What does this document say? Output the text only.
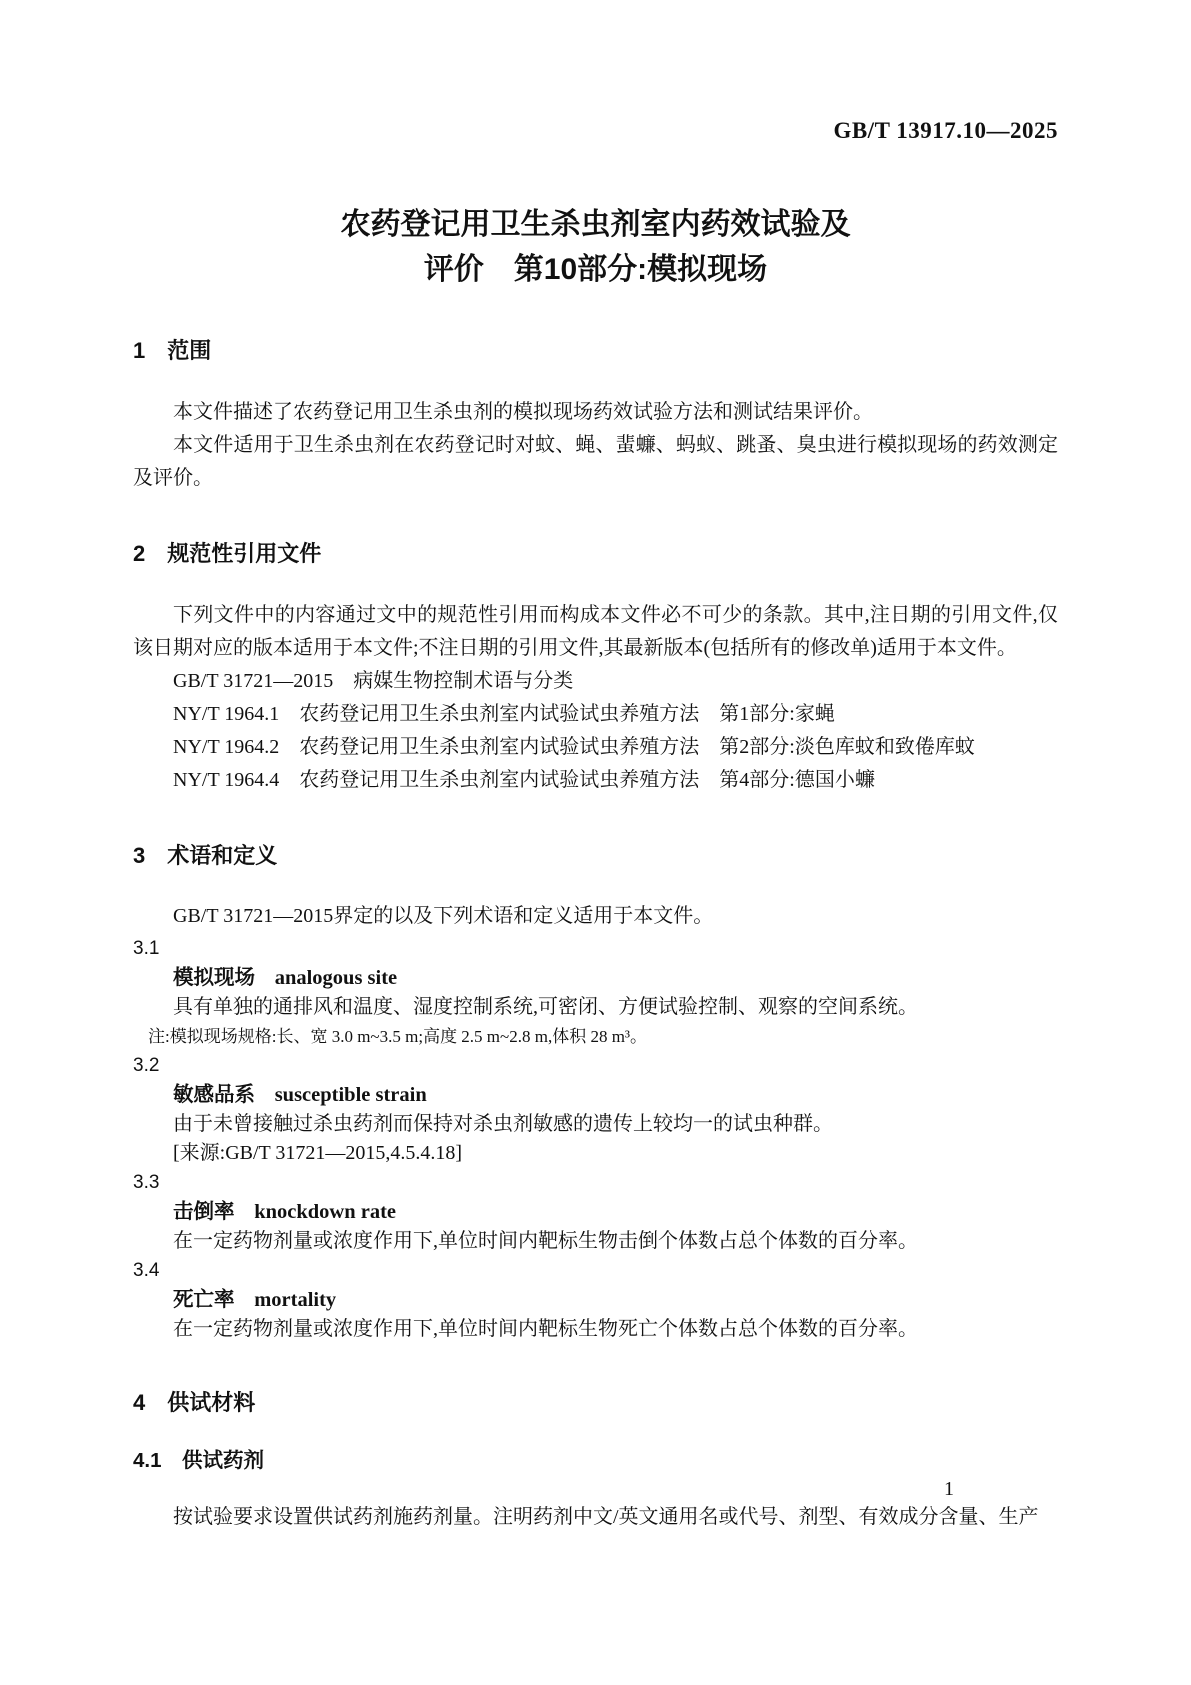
GB/T 13917.10—2025
农药登记用卫生杀虫剂室内药效试验及
评价　第10部分:模拟现场
1　范围

本文件描述了农药登记用卫生杀虫剂的模拟现场药效试验方法和测试结果评价。

本文件适用于卫生杀虫剂在农药登记时对蚊、蝇、蜚蠊、蚂蚁、跳蚤、臭虫进行模拟现场的药效测定及评价。

2　规范性引用文件

下列文件中的内容通过文中的规范性引用而构成本文件必不可少的条款。其中,注日期的引用文件,仅该日期对应的版本适用于本文件;不注日期的引用文件,其最新版本(包括所有的修改单)适用于本文件。

GB/T 31721—2015　病媒生物控制术语与分类

NY/T 1964.1　农药登记用卫生杀虫剂室内试验试虫养殖方法　第1部分:家蝇

NY/T 1964.2　农药登记用卫生杀虫剂室内试验试虫养殖方法　第2部分:淡色库蚊和致倦库蚊

NY/T 1964.4　农药登记用卫生杀虫剂室内试验试虫养殖方法　第4部分:德国小蠊

3　术语和定义

GB/T 31721—2015界定的以及下列术语和定义适用于本文件。

3.1
模拟现场 analogous site

具有单独的通排风和温度、湿度控制系统,可密闭、方便试验控制、观察的空间系统。

注:模拟现场规格:长、宽 3.0 m~3.5 m;高度 2.5 m~2.8 m,体积 28 m³。

3.2
敏感品系 susceptible strain

由于未曾接触过杀虫药剂而保持对杀虫剂敏感的遗传上较均一的试虫种群。

[来源:GB/T 31721—2015,4.5.4.18]

3.3
击倒率 knockdown rate

在一定药物剂量或浓度作用下,单位时间内靶标生物击倒个体数占总个体数的百分率。

3.4
死亡率 mortality

在一定药物剂量或浓度作用下,单位时间内靶标生物死亡个体数占总个体数的百分率。

4　供试材料
4.1　供试药剂

按试验要求设置供试药剂施药剂量。注明药剂中文/英文通用名或代号、剂型、有效成分含量、生产

1
